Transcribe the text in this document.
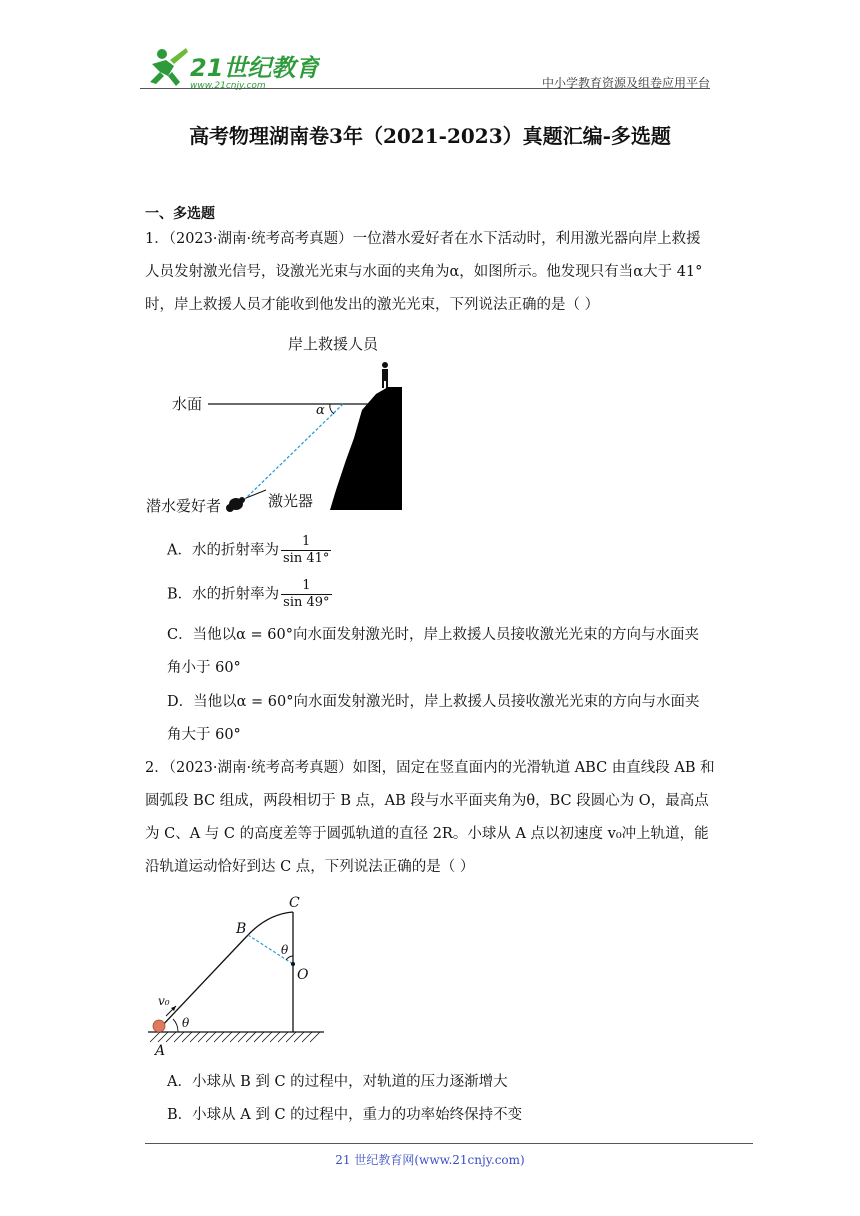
21世纪教育
www.21cnjy.com	中小学教育资源及组卷应用平台
高考物理湖南卷3年（2021-2023）真题汇编-多选题
一、多选题
1．（2023·湖南·统考高考真题）一位潜水爱好者在水下活动时，利用激光器向岸上救援
人员发射激光信号，设激光光束与水面的夹角为α，如图所示。他发现只有当α大于 41°
时，岸上救援人员才能收到他发出的激光光束，下列说法正确的是（ ）
岸上救援人员
水面	α
激光器
潜水爱好者
A．水的折射率为 $\frac{1}{\sin 41^\circ}$
B．水的折射率为 $\frac{1}{\sin 49^\circ}$
C．当他以α = 60°向水面发射激光时，岸上救援人员接收激光光束的方向与水面夹
角小于 60°
D．当他以α = 60°向水面发射激光时，岸上救援人员接收激光光束的方向与水面夹
角大于 60°
2．（2023·湖南·统考高考真题）如图，固定在竖直面内的光滑轨道 ABC 由直线段 AB 和
圆弧段 BC 组成，两段相切于 B 点，AB 段与水平面夹角为θ，BC 段圆心为 O，最高点
为 C、A 与 C 的高度差等于圆弧轨道的直径 2R。小球从 A 点以初速度 v₀冲上轨道，能
沿轨道运动恰好到达 C 点，下列说法正确的是（ ）
C
B
O
θ
θ
v₀
A
A．小球从 B 到 C 的过程中，对轨道的压力逐渐增大
B．小球从 A 到 C 的过程中，重力的功率始终保持不变
21 世纪教育网(www.21cnjy.com)
